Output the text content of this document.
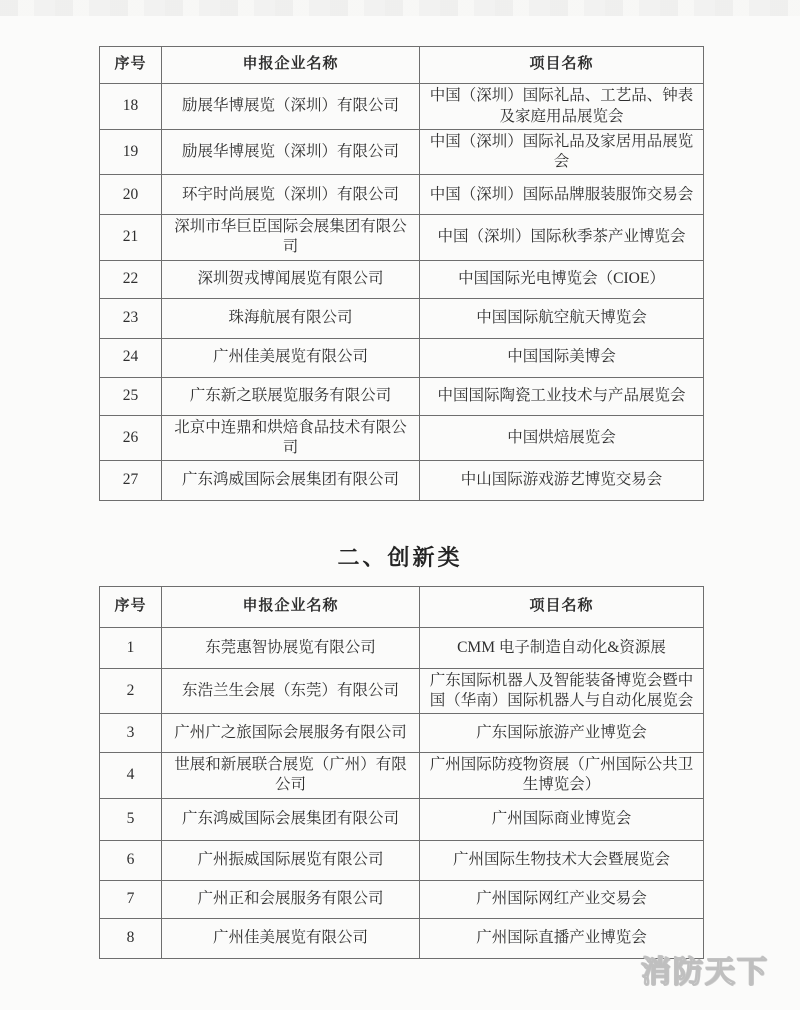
序号	申报企业名称	项目名称
18	励展华博展览（深圳）有限公司	中国（深圳）国际礼品、工艺品、钟表及家庭用品展览会
19	励展华博展览（深圳）有限公司	中国（深圳）国际礼品及家居用品展览会
20	环宇时尚展览（深圳）有限公司	中国（深圳）国际品牌服装服饰交易会
21	深圳市华巨臣国际会展集团有限公司	中国（深圳）国际秋季茶产业博览会
22	深圳贺戎博闻展览有限公司	中国国际光电博览会（CIOE）
23	珠海航展有限公司	中国国际航空航天博览会
24	广州佳美展览有限公司	中国国际美博会
25	广东新之联展览服务有限公司	中国国际陶瓷工业技术与产品展览会
26	北京中连鼎和烘焙食品技术有限公司	中国烘焙展览会
27	广东鸿威国际会展集团有限公司	中山国际游戏游艺博览交易会
二、创新类
序号	申报企业名称	项目名称
1	东莞惠智协展览有限公司	CMM 电子制造自动化&资源展
2	东浩兰生会展（东莞）有限公司	广东国际机器人及智能装备博览会暨中国（华南）国际机器人与自动化展览会
3	广州广之旅国际会展服务有限公司	广东国际旅游产业博览会
4	世展和新展联合展览（广州）有限公司	广州国际防疫物资展（广州国际公共卫生博览会）
5	广东鸿威国际会展集团有限公司	广州国际商业博览会
6	广州振威国际展览有限公司	广州国际生物技术大会暨展览会
7	广州正和会展服务有限公司	广州国际网红产业交易会
8	广州佳美展览有限公司	广州国际直播产业博览会
消防天下
